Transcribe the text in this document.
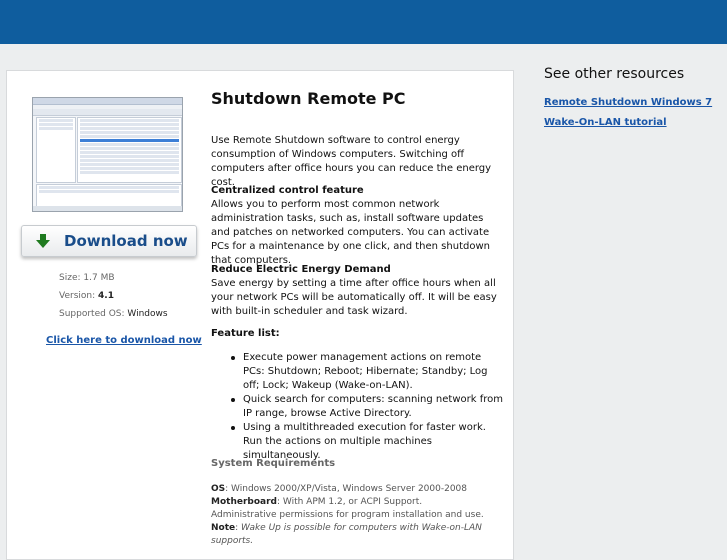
Download now
Size: 1.7 MB
Version: 4.1
Supported OS: Windows
Click here to download now
Shutdown Remote PC
Use Remote Shutdown software to control energy consumption of Windows computers. Switching off computers after office hours you can reduce the energy cost.
Centralized control feature
Allows you to perform most common network administration tasks, such as, install software updates and patches on networked computers. You can activate PCs for a maintenance by one click, and then shutdown that computers.
Reduce Electric Energy Demand
Save energy by setting a time after office hours when all your network PCs will be automatically off. It will be easy with built-in scheduler and task wizard.
Feature list:
Execute power management actions on remote PCs: Shutdown; Reboot; Hibernate; Standby; Log off; Lock; Wakeup (Wake-on-LAN).
Quick search for computers: scanning network from IP range, browse Active Directory.
Using a multithreaded execution for faster work. Run the actions on multiple machines simultaneously.
System Requirements
OS: Windows 2000/XP/Vista, Windows Server 2000-2008
Motherboard: With APM 1.2, or ACPI Support.
Administrative permissions for program installation and use.
Note: Wake Up is possible for computers with Wake-on-LAN supports.
See other resources
Remote Shutdown Windows 7
Wake-On-LAN tutorial
